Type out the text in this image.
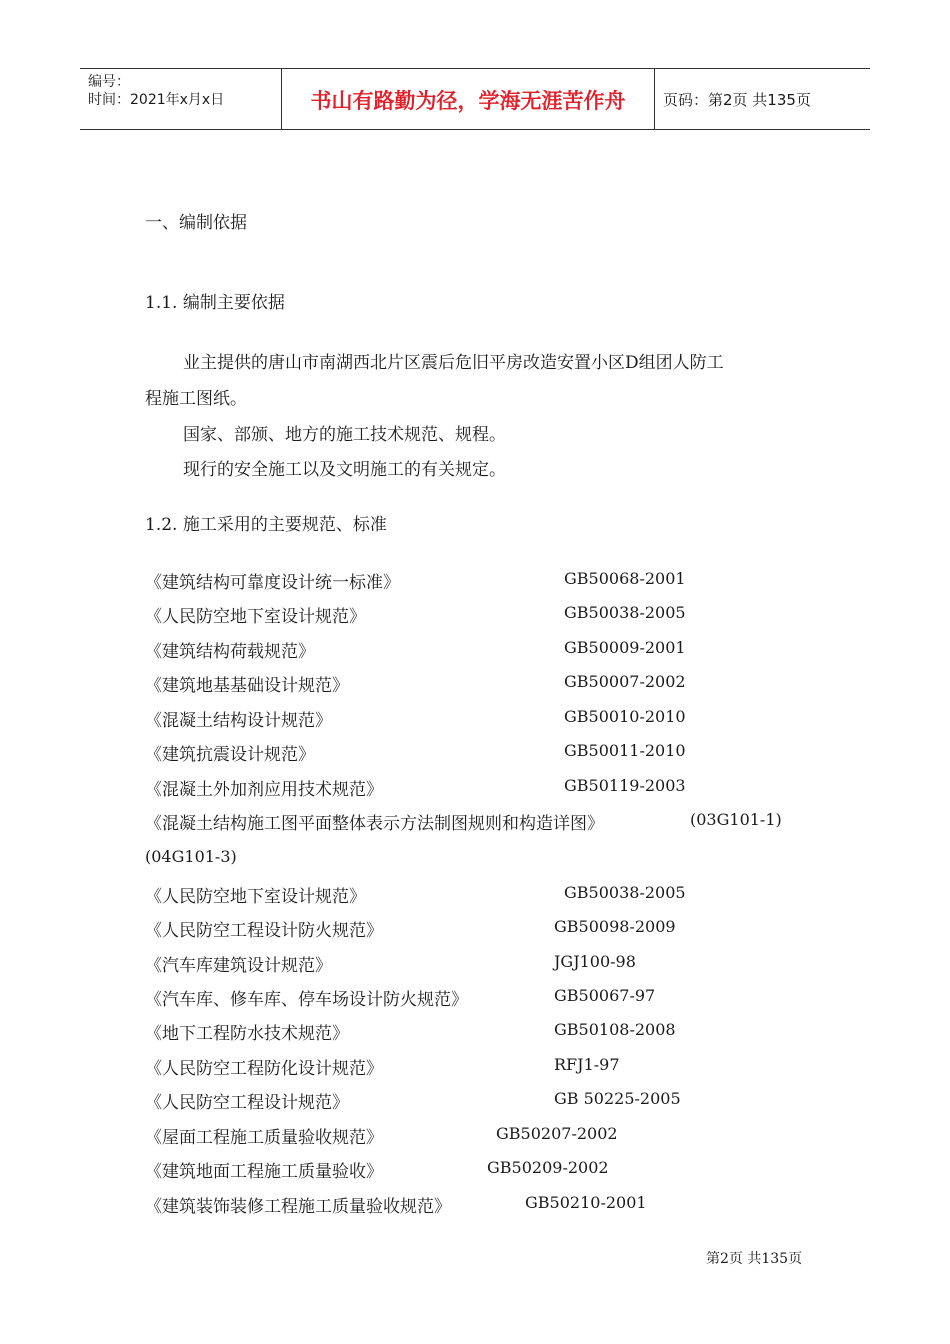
编号：
时间：2021年x月x日	书山有路勤为径，学海无涯苦作舟	页码：第2页 共135页
一、编制依据
1.1. 编制主要依据
业主提供的唐山市南湖西北片区震后危旧平房改造安置小区D组团人防工
程施工图纸。
国家、部颁、地方的施工技术规范、规程。
现行的安全施工以及文明施工的有关规定。
1.2. 施工采用的主要规范、标准
《建筑结构可靠度设计统一标准》	GB50068-2001
《人民防空地下室设计规范》	GB50038-2005
《建筑结构荷载规范》	GB50009-2001
《建筑地基基础设计规范》	GB50007-2002
《混凝土结构设计规范》	GB50010-2010
《建筑抗震设计规范》	GB50011-2010
《混凝土外加剂应用技术规范》	GB50119-2003
《混凝土结构施工图平面整体表示方法制图规则和构造详图》	(03G101-1)
(04G101-3)
《人民防空地下室设计规范》	GB50038-2005
《人民防空工程设计防火规范》	GB50098-2009
《汽车库建筑设计规范》	JGJ100-98
《汽车库、修车库、停车场设计防火规范》	GB50067-97
《地下工程防水技术规范》	GB50108-2008
《人民防空工程防化设计规范》	RFJ1-97
《人民防空工程设计规范》	GB 50225-2005
《屋面工程施工质量验收规范》	GB50207-2002
《建筑地面工程施工质量验收》	GB50209-2002
《建筑装饰装修工程施工质量验收规范》	GB50210-2001
第2页 共135页
